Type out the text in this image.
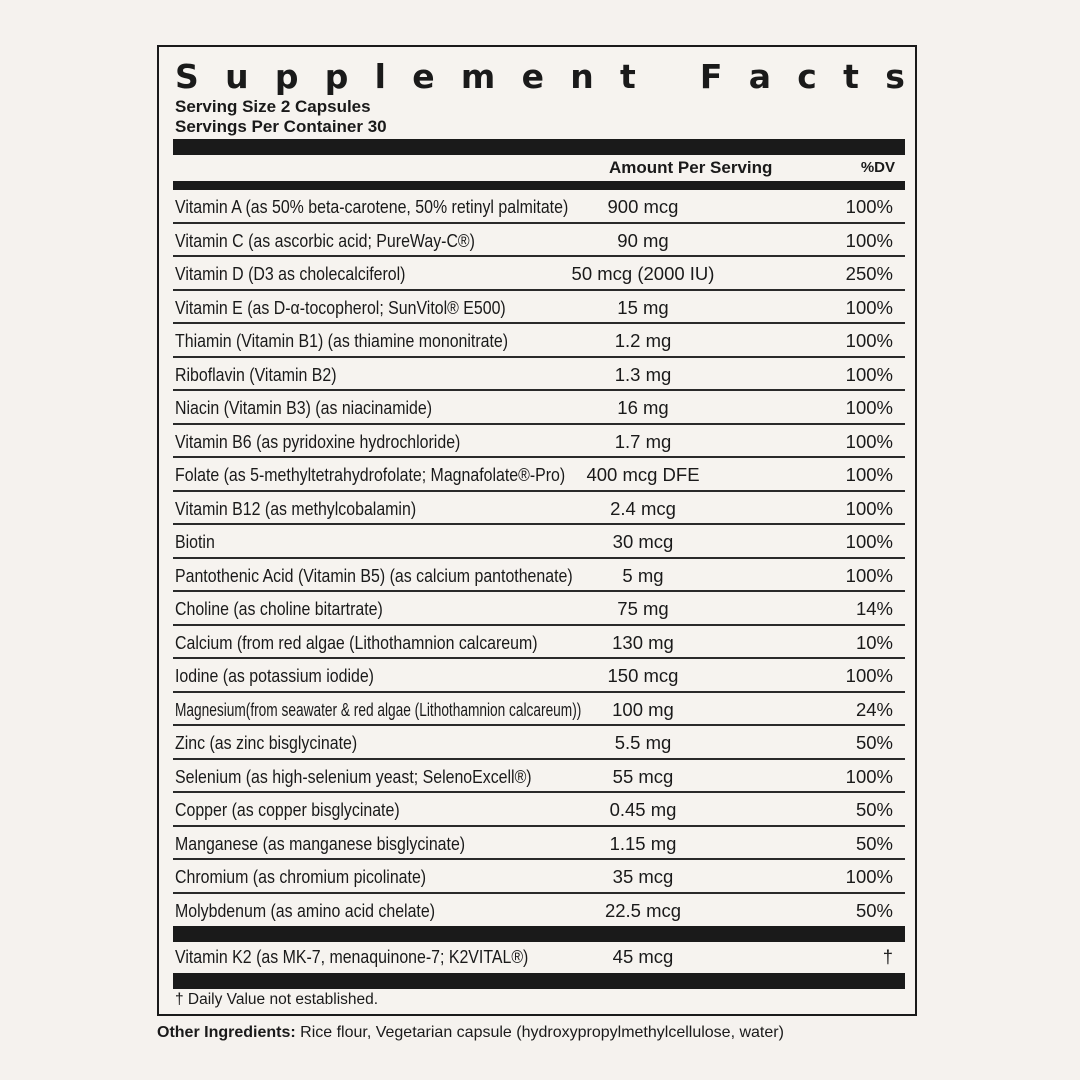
S u p p l e m e n t
F a c t s
Serving Size 2 Capsules
Servings Per Container 30
Amount Per Serving	%DV
Vitamin A (as 50% beta-carotene, 50% retinyl palmitate) 900 mcg	100%
Vitamin C (as ascorbic acid; PureWay-C®)	90 mg	100%
Vitamin D (D3 as cholecalciferol)	50 mcg (2000 IU)	250%
Vitamin E (as D-α-tocopherol; SunVitol® E500)	15 mg	100%
Thiamin (Vitamin B1) (as thiamine mononitrate)	1.2 mg	100%
Riboflavin (Vitamin B2)	1.3 mg	100%
Niacin (Vitamin B3) (as niacinamide)	16 mg	100%
Vitamin B6 (as pyridoxine hydrochloride)	1.7 mg	100%
Folate (as 5-methyltetrahydrofolate; Magnafolate®-Pro) 400 mcg DFE	100%
Vitamin B12 (as methylcobalamin)	2.4 mcg	100%
Biotin	30 mcg	100%
Pantothenic Acid (Vitamin B5) (as calcium pantothenate)	5 mg	100%
Choline (as choline bitartrate)	75 mg	14%
Calcium (from red algae (Lithothamnion calcareum)	130 mg	10%
Iodine (as potassium iodide)	150 mcg	100%
Magnesium(from seawater & red algae (Lithothamnion calcareum)) 100 mg	24%
Zinc (as zinc bisglycinate)	5.5 mg	50%
Selenium (as high-selenium yeast; SelenoExcell®)	55 mcg	100%
Copper (as copper bisglycinate)	0.45 mg	50%
Manganese (as manganese bisglycinate)	1.15 mg	50%
Chromium (as chromium picolinate)	35 mcg	100%
Molybdenum (as amino acid chelate)	22.5 mcg	50%
Vitamin K2 (as MK-7, menaquinone-7; K2VITAL®)	45 mcg	†
† Daily Value not established.
Other Ingredients: Rice flour, Vegetarian capsule (hydroxypropylmethylcellulose, water)
